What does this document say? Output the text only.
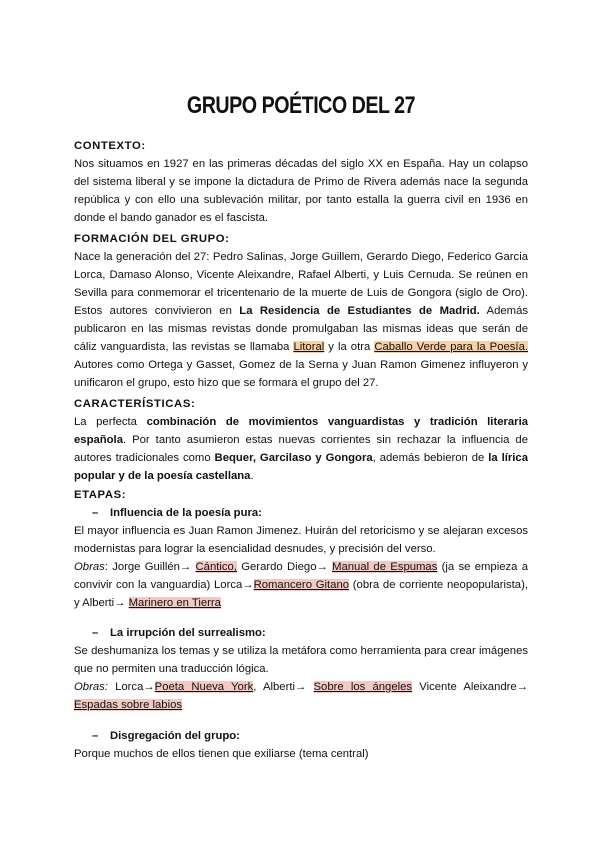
GRUPO POÉTICO DEL 27
CONTEXTO:

Nos situamos en 1927 en las primeras décadas del siglo XX en España. Hay un colapso del sistema liberal y se impone la dictadura de Primo de Rivera además nace la segunda república y con ello una sublevación militar, por tanto estalla la guerra civil en 1936 en donde el bando ganador es el fascista.

FORMACIÓN DEL GRUPO:

Nace la generación del 27: Pedro Salinas, Jorge Guillem, Gerardo Diego, Federico Garcia Lorca, Damaso Alonso, Vicente Aleixandre, Rafael Alberti, y Luis Cernuda. Se reúnen en Sevilla para conmemorar el tricentenario de la muerte de Luis de Gongora (siglo de Oro). Estos autores convivieron en La Residencia de Estudiantes de Madrid. Además publicaron en las mismas revistas donde promulgaban las mismas ideas que serán de cáliz vanguardista, las revistas se llamaba Litoral y la otra Caballo Verde para la Poesía. Autores como Ortega y Gasset, Gomez de la Serna y Juan Ramon Gimenez influyeron y unificaron el grupo, esto hizo que se formara el grupo del 27.

CARACTERÍSTICAS:

La perfecta combinación de movimientos vanguardistas y tradición literaria española. Por tanto asumieron estas nuevas corrientes sin rechazar la influencia de autores tradicionales como Bequer, Garcilaso y Gongora, además bebieron de la lírica popular y de la poesía castellana.

ETAPAS:
– Influencia de la poesía pura:

El mayor influencia es Juan Ramon Jimenez. Huirán del retoricismo y se alejaran excesos modernistas para lograr la esencialidad desnudes, y precisión del verso.

Obras: Jorge Guillén→ Cántico, Gerardo Diego→ Manual de Espumas (ja se empieza a convivir con la vanguardia) Lorca→Romancero Gitano (obra de corriente neopopularista), y Alberti→ Marinero en Tierra

– La irrupción del surrealismo:

Se deshumaniza los temas y se utiliza la metáfora como herramienta para crear imágenes que no permiten una traducción lógica.

Obras: Lorca→Poeta Nueva York, Alberti→ Sobre los ángeles Vicente Aleixandre→ Espadas sobre labios

– Disgregación del grupo:

Porque muchos de ellos tienen que exiliarse (tema central)
